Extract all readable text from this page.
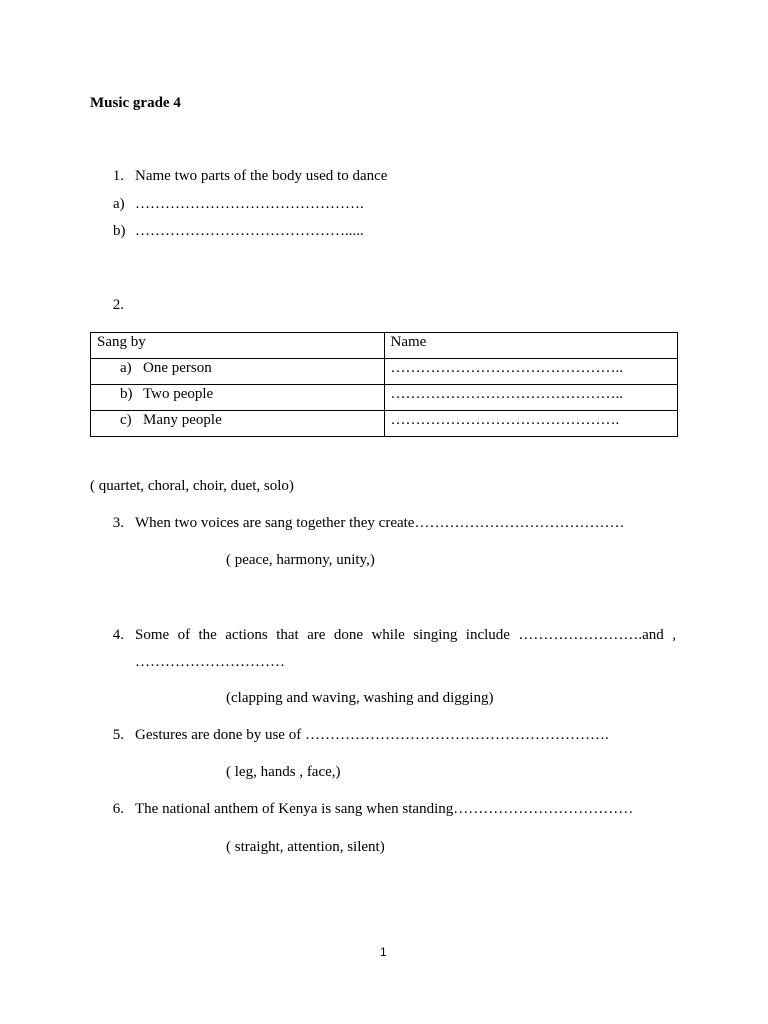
Music grade 4
1. Name two parts of the body used to dance
a) ……………………………………….
b) …………………………………….....
2.
Sang by	Name
a) One person	………………………………………..
b) Two people	………………………………………..
c) Many people	……………………………………….
( quartet, choral, choir, duet, solo)
3. When two voices are sang together they create……………………………………
( peace, harmony, unity,)
4. Some of the actions that are done while singing include …………………….and ,
…………………………
(clapping and waving, washing and digging)
5. Gestures are done by use of …………………………………………………….
( leg, hands , face,)
6. The national anthem of Kenya is sang when standing………………………………
( straight, attention, silent)
1
